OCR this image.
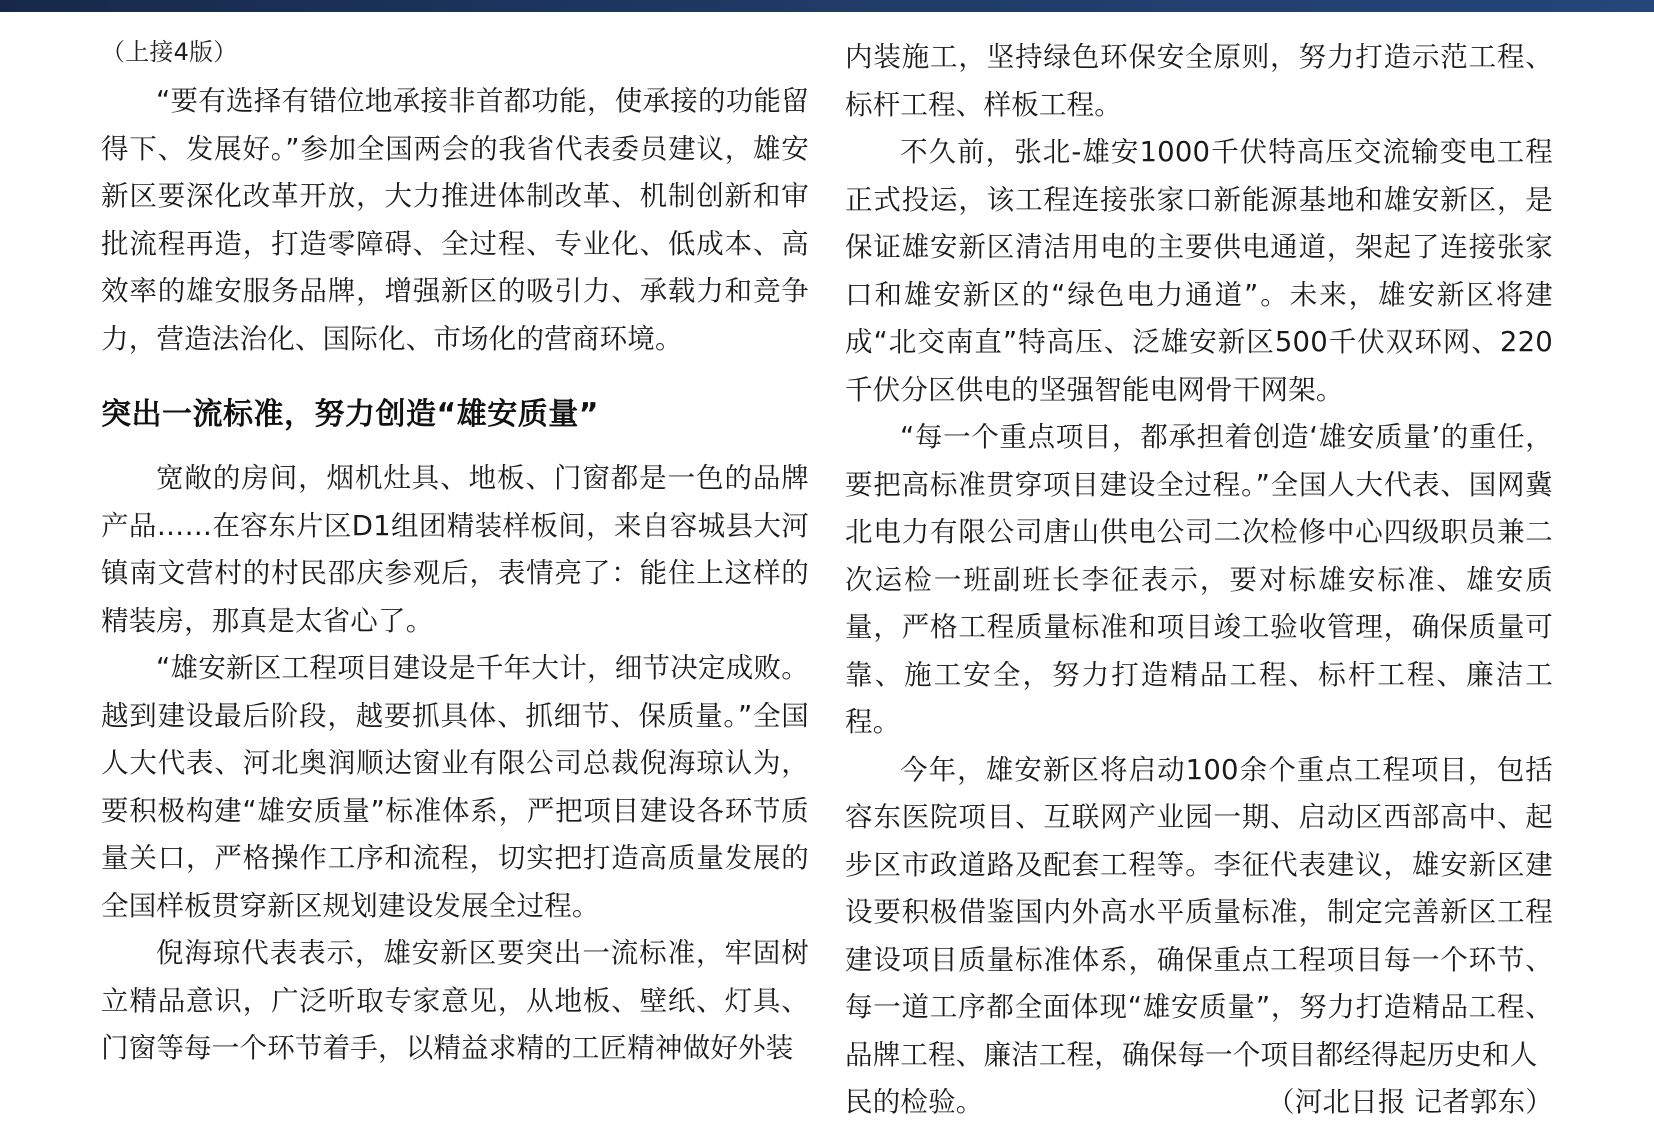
（上接4版）

“要有选择有错位地承接非首都功能，使承接的功能留得下、发展好。”参加全国两会的我省代表委员建议，雄安新区要深化改革开放，大力推进体制改革、机制创新和审批流程再造，打造零障碍、全过程、专业化、低成本、高效率的雄安服务品牌，增强新区的吸引力、承载力和竞争力，营造法治化、国际化、市场化的营商环境。

突出一流标准，努力创造“雄安质量”

宽敞的房间，烟机灶具、地板、门窗都是一色的品牌产品……在容东片区D1组团精装样板间，来自容城县大河镇南文营村的村民邵庆参观后，表情亮了：能住上这样的精装房，那真是太省心了。

“雄安新区工程项目建设是千年大计，细节决定成败。越到建设最后阶段，越要抓具体、抓细节、保质量。”全国人大代表、河北奥润顺达窗业有限公司总裁倪海琼认为，要积极构建“雄安质量”标准体系，严把项目建设各环节质量关口，严格操作工序和流程，切实把打造高质量发展的全国样板贯穿新区规划建设发展全过程。

倪海琼代表表示，雄安新区要突出一流标准，牢固树立精品意识，广泛听取专家意见，从地板、壁纸、灯具、门窗等每一个环节着手，以精益求精的工匠精神做好外装

内装施工，坚持绿色环保安全原则，努力打造示范工程、标杆工程、样板工程。

不久前，张北-雄安1000千伏特高压交流输变电工程正式投运，该工程连接张家口新能源基地和雄安新区，是保证雄安新区清洁用电的主要供电通道，架起了连接张家口和雄安新区的“绿色电力通道”。未来，雄安新区将建成“北交南直”特高压、泛雄安新区500千伏双环网、220千伏分区供电的坚强智能电网骨干网架。

“每一个重点项目，都承担着创造‘雄安质量’的重任，要把高标准贯穿项目建设全过程。”全国人大代表、国网冀北电力有限公司唐山供电公司二次检修中心四级职员兼二次运检一班副班长李征表示，要对标雄安标准、雄安质量，严格工程质量标准和项目竣工验收管理，确保质量可靠、施工安全，努力打造精品工程、标杆工程、廉洁工程。

今年，雄安新区将启动100余个重点工程项目，包括容东医院项目、互联网产业园一期、启动区西部高中、起步区市政道路及配套工程等。李征代表建议，雄安新区建设要积极借鉴国内外高水平质量标准，制定完善新区工程建设项目质量标准体系，确保重点工程项目每一个环节、每一道工序都全面体现“雄安质量”，努力打造精品工程、品牌工程、廉洁工程，确保每一个项目都经得起历史和人

民的检验。	（河北日报 记者郭东）
